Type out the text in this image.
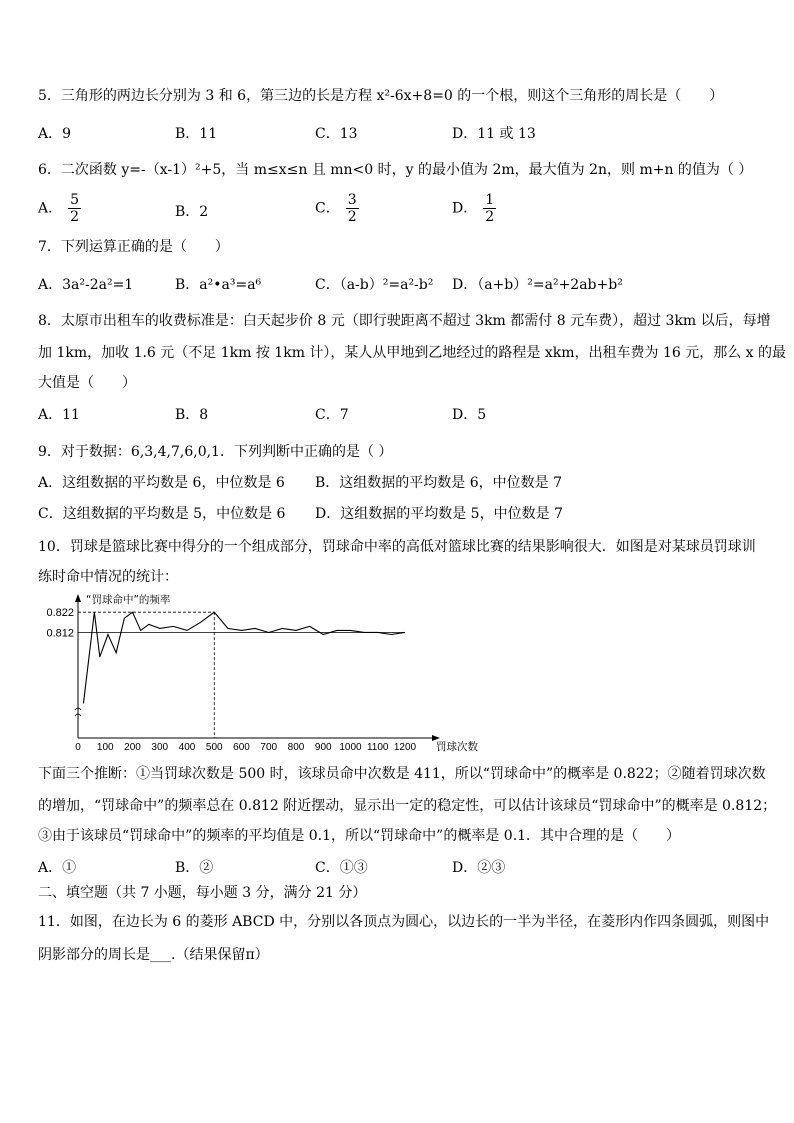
5．三角形的两边长分别为 3 和 6，第三边的长是方程 x²-6x+8=0 的一个根，则这个三角形的周长是（　　）
A．9	B．11	C．13	D．11 或 13
6．二次函数 y=-（x-1）²+5，当 m≤x≤n 且 mn<0 时，y 的最小值为 2m，最大值为 2n，则 m+n 的值为（ ）
A． $\frac{5}{2}$	B．2	C． $\frac{3}{2}$	D． $\frac{1}{2}$
7．下列运算正确的是（　　）
A．3a²-2a²=1	B．a²•a³=a⁶	C．（a-b）²=a²-b² D．（a+b）²=a²+2ab+b²
8．太原市出租车的收费标准是：白天起步价 8 元（即行驶距离不超过 3km 都需付 8 元车费），超过 3km 以后，每增
加 1km，加收 1.6 元（不足 1km 按 1km 计），某人从甲地到乙地经过的路程是 xkm，出租车费为 16 元，那么 x 的最
大值是（　　）
A．11	B．8	C．7	D．5
9．对于数据：6,3,4,7,6,0,1．下列判断中正确的是（ ）
A．这组数据的平均数是 6，中位数是 6 B．这组数据的平均数是 6，中位数是 7
C．这组数据的平均数是 5，中位数是 6 D．这组数据的平均数是 5，中位数是 7
10．罚球是篮球比赛中得分的一个组成部分，罚球命中率的高低对篮球比赛的结果影响很大．如图是对某球员罚球训
练时命中情况的统计：
0 100 200 300 400 500 600 700 800 900 1000 1100 1200
0.812
0.822
“罚球命中”的频率
罚球次数
下面三个推断：①当罚球次数是 500 时，该球员命中次数是 411，所以“罚球命中”的概率是 0.822；②随着罚球次数
的增加，“罚球命中”的频率总在 0.812 附近摆动，显示出一定的稳定性，可以估计该球员“罚球命中”的概率是 0.812；
③由于该球员“罚球命中”的频率的平均值是 0.1，所以“罚球命中”的概率是 0.1．其中合理的是（　　）
A．①	B．②	C．①③	D．②③
二、填空题（共 7 小题，每小题 3 分，满分 21 分）
11．如图，在边长为 6 的菱形 ABCD 中，分别以各顶点为圆心，以边长的一半为半径，在菱形内作四条圆弧，则图中
阴影部分的周长是___.（结果保留π）
